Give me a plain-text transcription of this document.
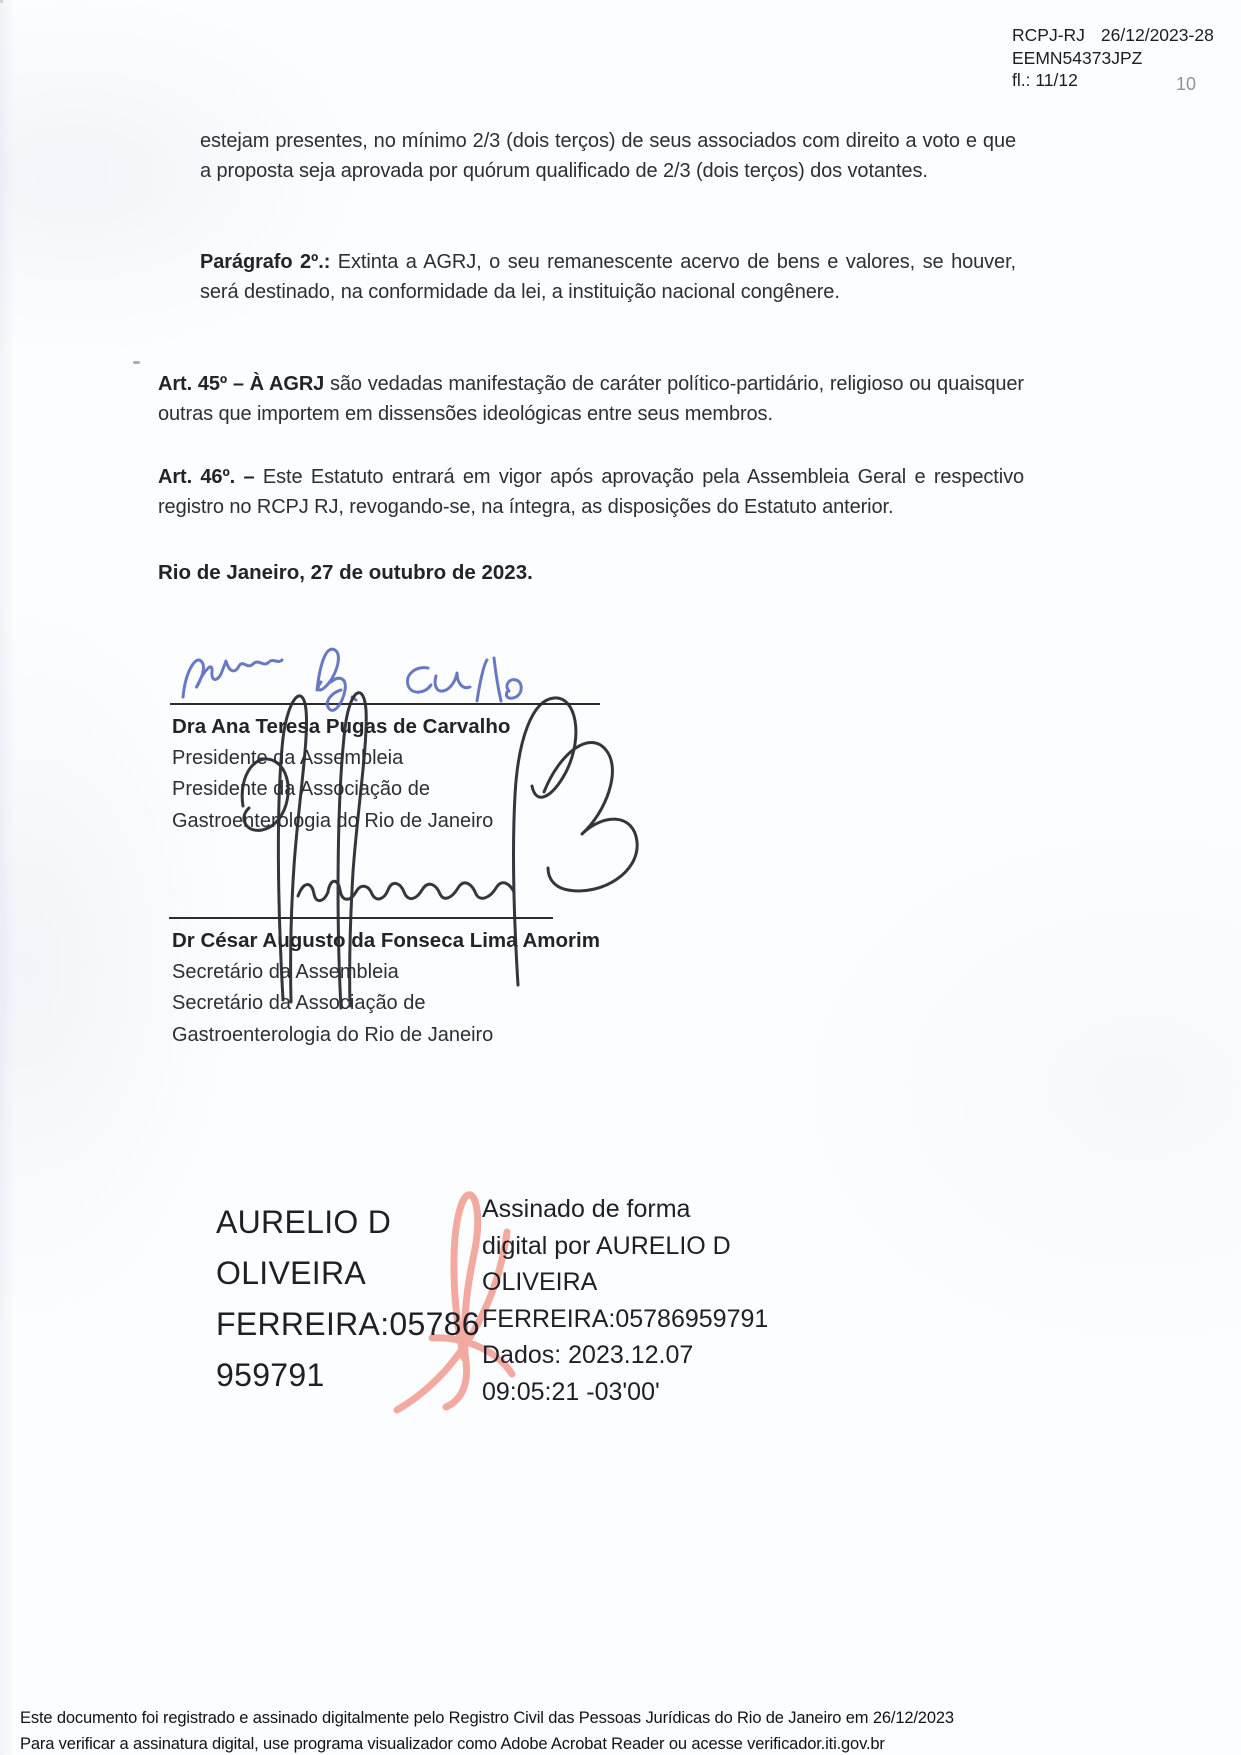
RCPJ-RJ 26/12/2023-28
EEMN54373JPZ
fl.: 11/12	10

estejam presentes, no mínimo 2/3 (dois terços) de seus associados com direito a voto e que a proposta seja aprovada por quórum qualificado de 2/3 (dois terços) dos votantes.

Parágrafo 2º.: Extinta a AGRJ, o seu remanescente acervo de bens e valores, se houver, será destinado, na conformidade da lei, a instituição nacional congênere.

Art. 45º – À AGRJ são vedadas manifestação de caráter político-partidário, religioso ou quaisquer outras que importem em dissensões ideológicas entre seus membros.

Art. 46º. – Este Estatuto entrará em vigor após aprovação pela Assembleia Geral e respectivo registro no RCPJ RJ, revogando-se, na íntegra, as disposições do Estatuto anterior.

Rio de Janeiro, 27 de outubro de 2023.
Dra Ana Teresa Pugas de Carvalho
Presidente da Assembleia
Presidente da Associação de
Gastroenterologia do Rio de Janeiro
Dr César Augusto da Fonseca Lima Amorim
Secretário da Assembleia
Secretário da Associação de
Gastroenterologia do Rio de Janeiro
AURELIO D
OLIVEIRA
FERREIRA:05786
959791
Assinado de forma
digital por AURELIO D
OLIVEIRA
FERREIRA:05786959791
Dados: 2023.12.07
09:05:21 -03'00'
Este documento foi registrado e assinado digitalmente pelo Registro Civil das Pessoas Jurídicas do Rio de Janeiro em 26/12/2023
Para verificar a assinatura digital, use programa visualizador como Adobe Acrobat Reader ou acesse verificador.iti.gov.br
